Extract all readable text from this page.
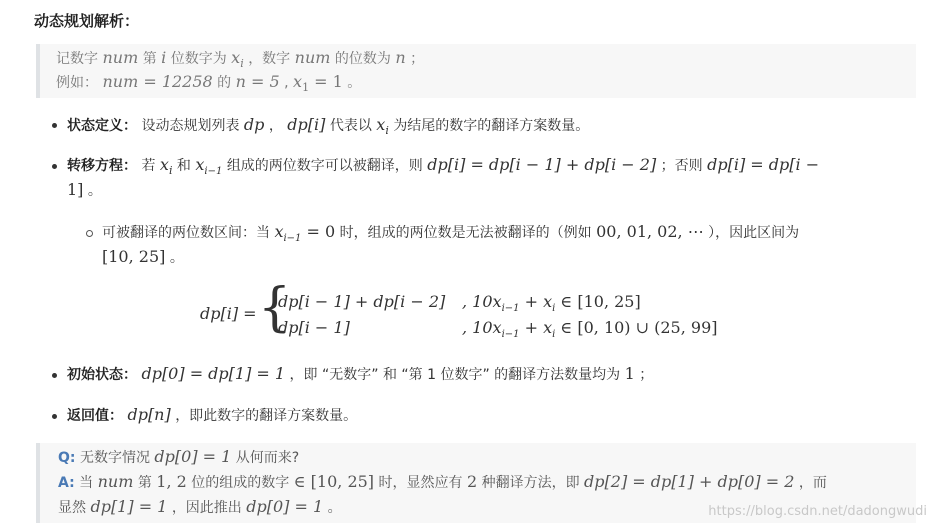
动态规划解析：
记数字 num 第 i 位数字为 $x_i$ ，数字 num 的位数为 n ；
例如： num = 12258 的 n = 5 , $x_1 = 1$ 。
状态定义： 设动态规划列表 dp ， dp[i] 代表以 $x_i$ 为结尾的数字的翻译方案数量。
转移方程： 若 $x_i$ 和 $x_{i-1}$ 组成的两位数字可以被翻译，则 dp[i] = dp[i − 1] + dp[i − 2] ；否则 dp[i] = dp[i −
1] 。
可被翻译的两位数区间：当 $x_{i-1} = 0$ 时，组成的两位数是无法被翻译的（例如 00, 01, 02, ⋯ ），因此区间为
[10, 25] 。
dp[i] = {
dp[i − 1] + dp[i − 2] , $10x_{i-1} + x_i$ ∈ [10, 25]
dp[i − 1]	, $10x_{i-1} + x_i$ ∈ [0, 10) ∪ (25, 99]
初始状态： dp[0] = dp[1] = 1 ，即 “无数字” 和 “第 1 位数字” 的翻译方法数量均为 1 ；
返回值： dp[n] ，即此数字的翻译方案数量。
Q: 无数字情况 dp[0] = 1 从何而来?
A: 当 num 第 1, 2 位的组成的数字 ∈ [10, 25] 时，显然应有 2 种翻译方法，即 dp[2] = dp[1] + dp[0] = 2 ，而
显然 dp[1] = 1 ，因此推出 dp[0] = 1 。	https://blog.csdn.net/dadongwudi
